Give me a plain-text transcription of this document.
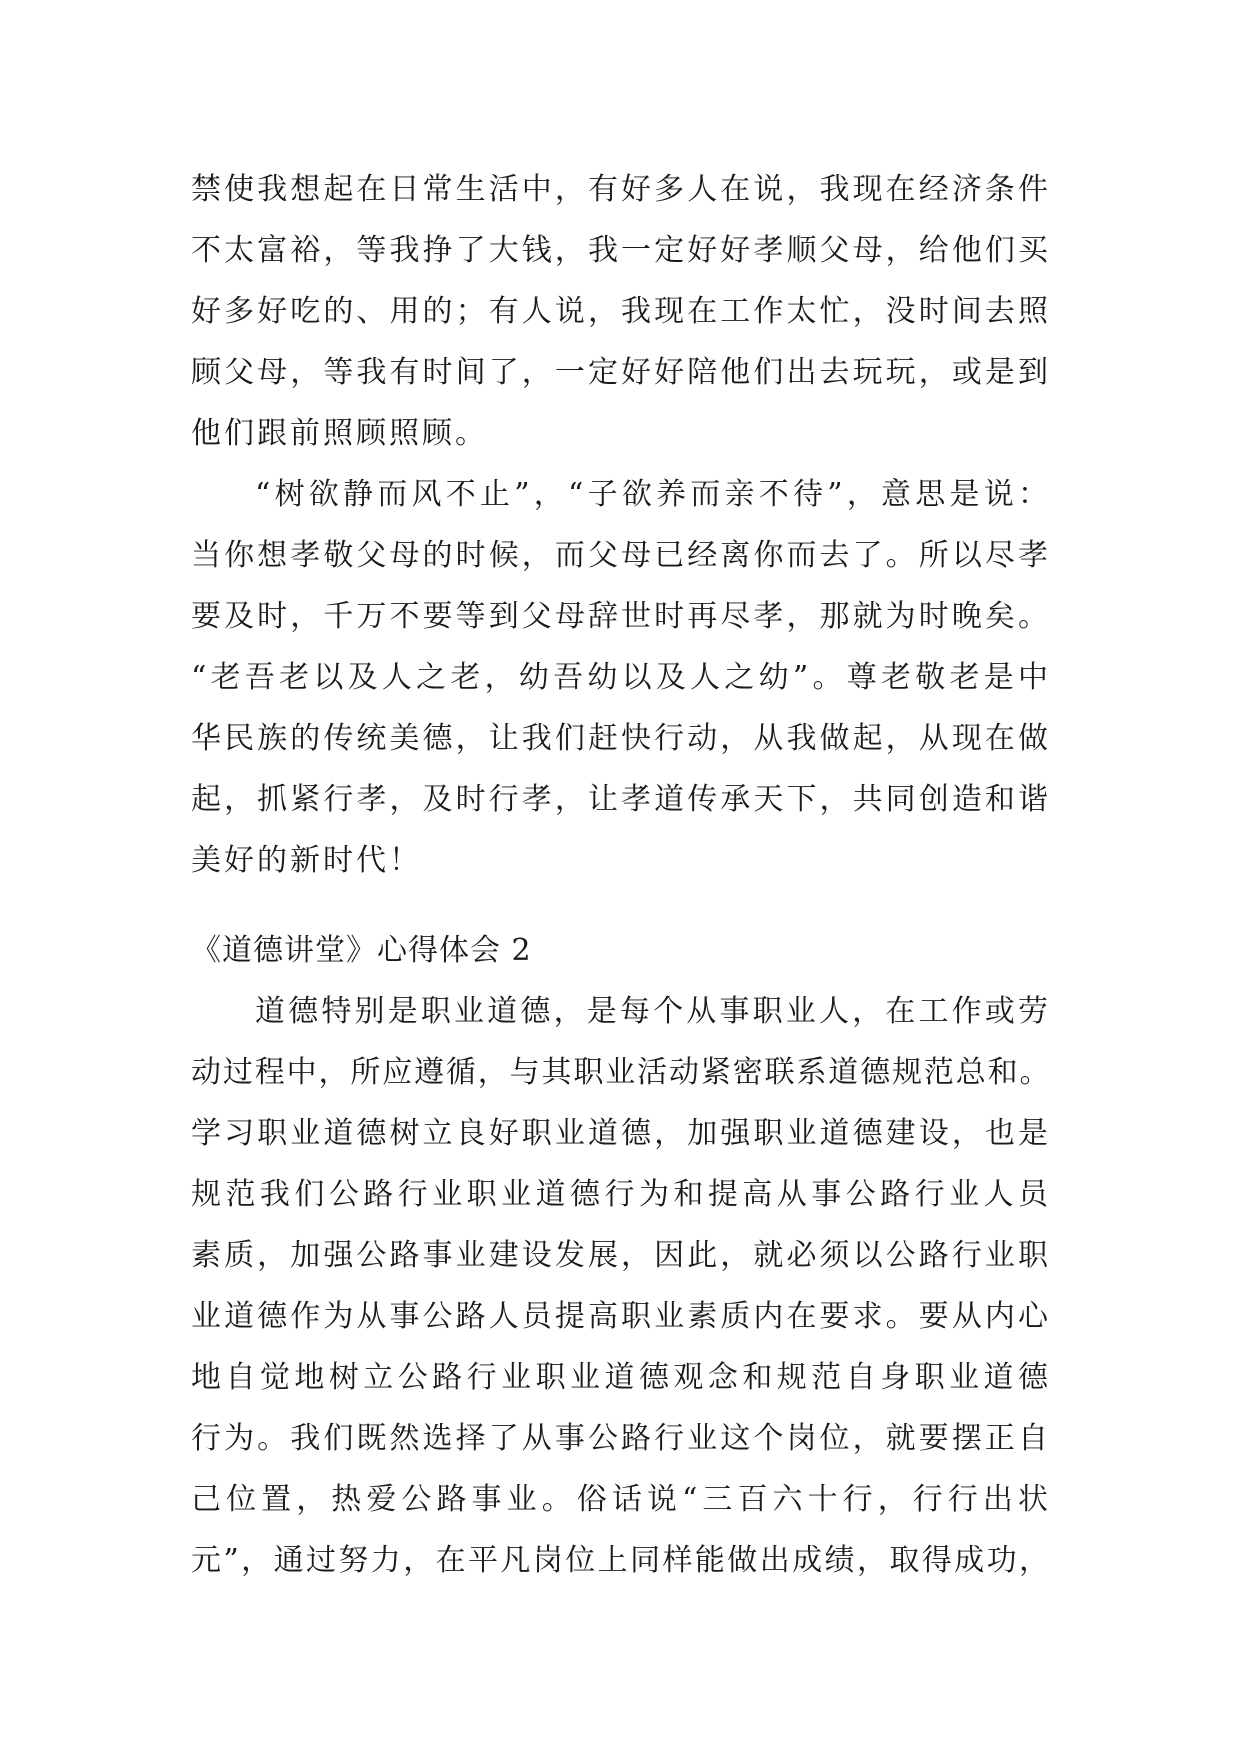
禁使我想起在日常生活中，有好多人在说，我现在经济条件
不太富裕，等我挣了大钱，我一定好好孝顺父母，给他们买
好多好吃的、用的；有人说，我现在工作太忙，没时间去照
顾父母，等我有时间了，一定好好陪他们出去玩玩，或是到
他们跟前照顾照顾。
“树欲静而风不止”，“子欲养而亲不待”，意思是说：
当你想孝敬父母的时候，而父母已经离你而去了。所以尽孝
要及时，千万不要等到父母辞世时再尽孝，那就为时晚矣。
“老吾老以及人之老，幼吾幼以及人之幼”。尊老敬老是中
华民族的传统美德，让我们赶快行动，从我做起，从现在做
起，抓紧行孝，及时行孝，让孝道传承天下，共同创造和谐
美好的新时代！
《道德讲堂》心得体会 2
道德特别是职业道德，是每个从事职业人，在工作或劳
动过程中，所应遵循，与其职业活动紧密联系道德规范总和。
学习职业道德树立良好职业道德，加强职业道德建设，也是
规范我们公路行业职业道德行为和提高从事公路行业人员
素质，加强公路事业建设发展，因此，就必须以公路行业职
业道德作为从事公路人员提高职业素质内在要求。要从内心
地自觉地树立公路行业职业道德观念和规范自身职业道德
行为。我们既然选择了从事公路行业这个岗位，就要摆正自
己位置，热爱公路事业。俗话说“三百六十行，行行出状
元”，通过努力，在平凡岗位上同样能做出成绩，取得成功，
